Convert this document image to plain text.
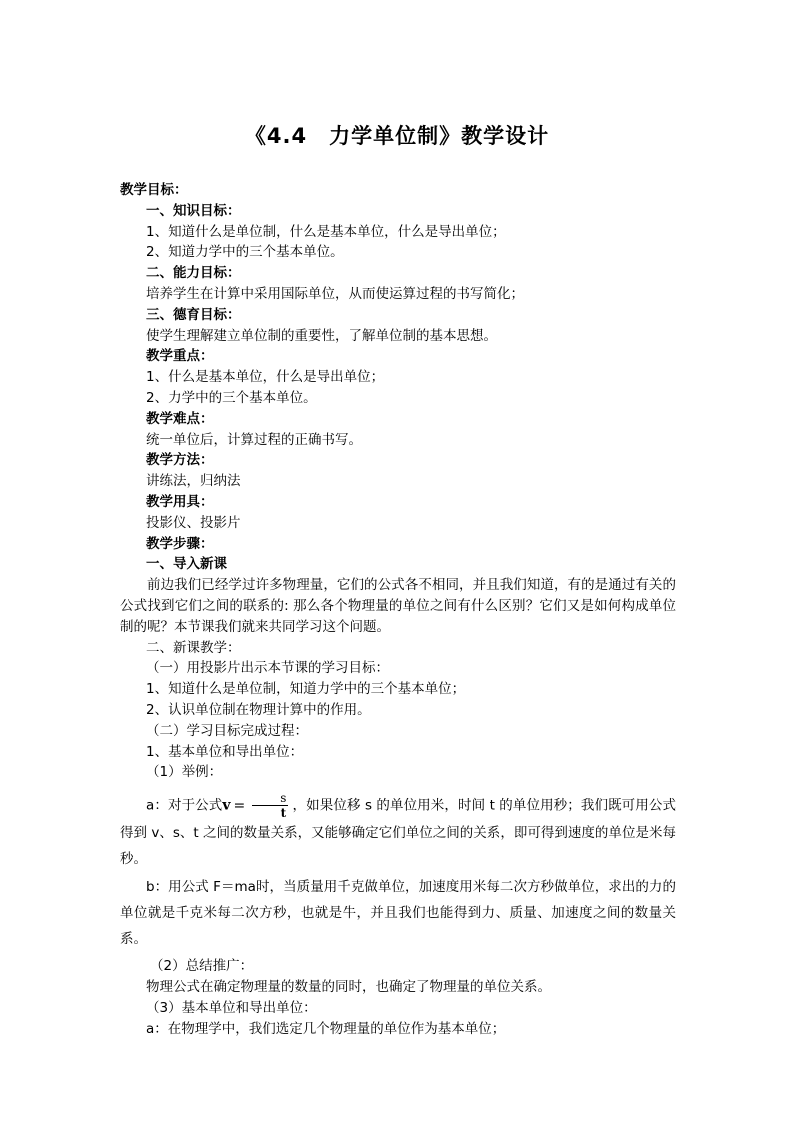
《4.4　力学单位制》教学设计
教学目标：
一、知识目标：
1、知道什么是单位制，什么是基本单位，什么是导出单位；
2、知道力学中的三个基本单位。
二、能力目标：
培养学生在计算中采用国际单位，从而使运算过程的书写简化；
三、德育目标：
使学生理解建立单位制的重要性，了解单位制的基本思想。
教学重点：
1、什么是基本单位，什么是导出单位；
2、力学中的三个基本单位。
教学难点：
统一单位后，计算过程的正确书写。
教学方法：
讲练法，归纳法
教学用具：
投影仪、投影片
教学步骤：
一、导入新课
前边我们已经学过许多物理量，它们的公式各不相同，并且我们知道，有的是通过有关的公式找到它们之间的联系的: 那么各个物理量的单位之间有什么区别？它们又是如何构成单位制的呢？本节课我们就来共同学习这个问题。
二、新课教学：
（一）用投影片出示本节课的学习目标：
1、知道什么是单位制，知道力学中的三个基本单位；
2、认识单位制在物理计算中的作用。
（二）学习目标完成过程：
1、基本单位和导出单位：
（1）举例：
a：对于公式$v = \frac{s}{t}$ ，如果位移 s 的单位用米，时间 t 的单位用秒；我们既可用公式得到 v、s、t 之间的数量关系，又能够确定它们单位之间的关系，即可得到速度的单位是米每秒。
b：用公式 F＝ma时，当质量用千克做单位，加速度用米每二次方秒做单位，求出的力的单位就是千克米每二次方秒，也就是牛，并且我们也能得到力、质量、加速度之间的数量关系。
（2）总结推广：
物理公式在确定物理量的数量的同时，也确定了物理量的单位关系。
（3）基本单位和导出单位：
a：在物理学中，我们选定几个物理量的单位作为基本单位；
